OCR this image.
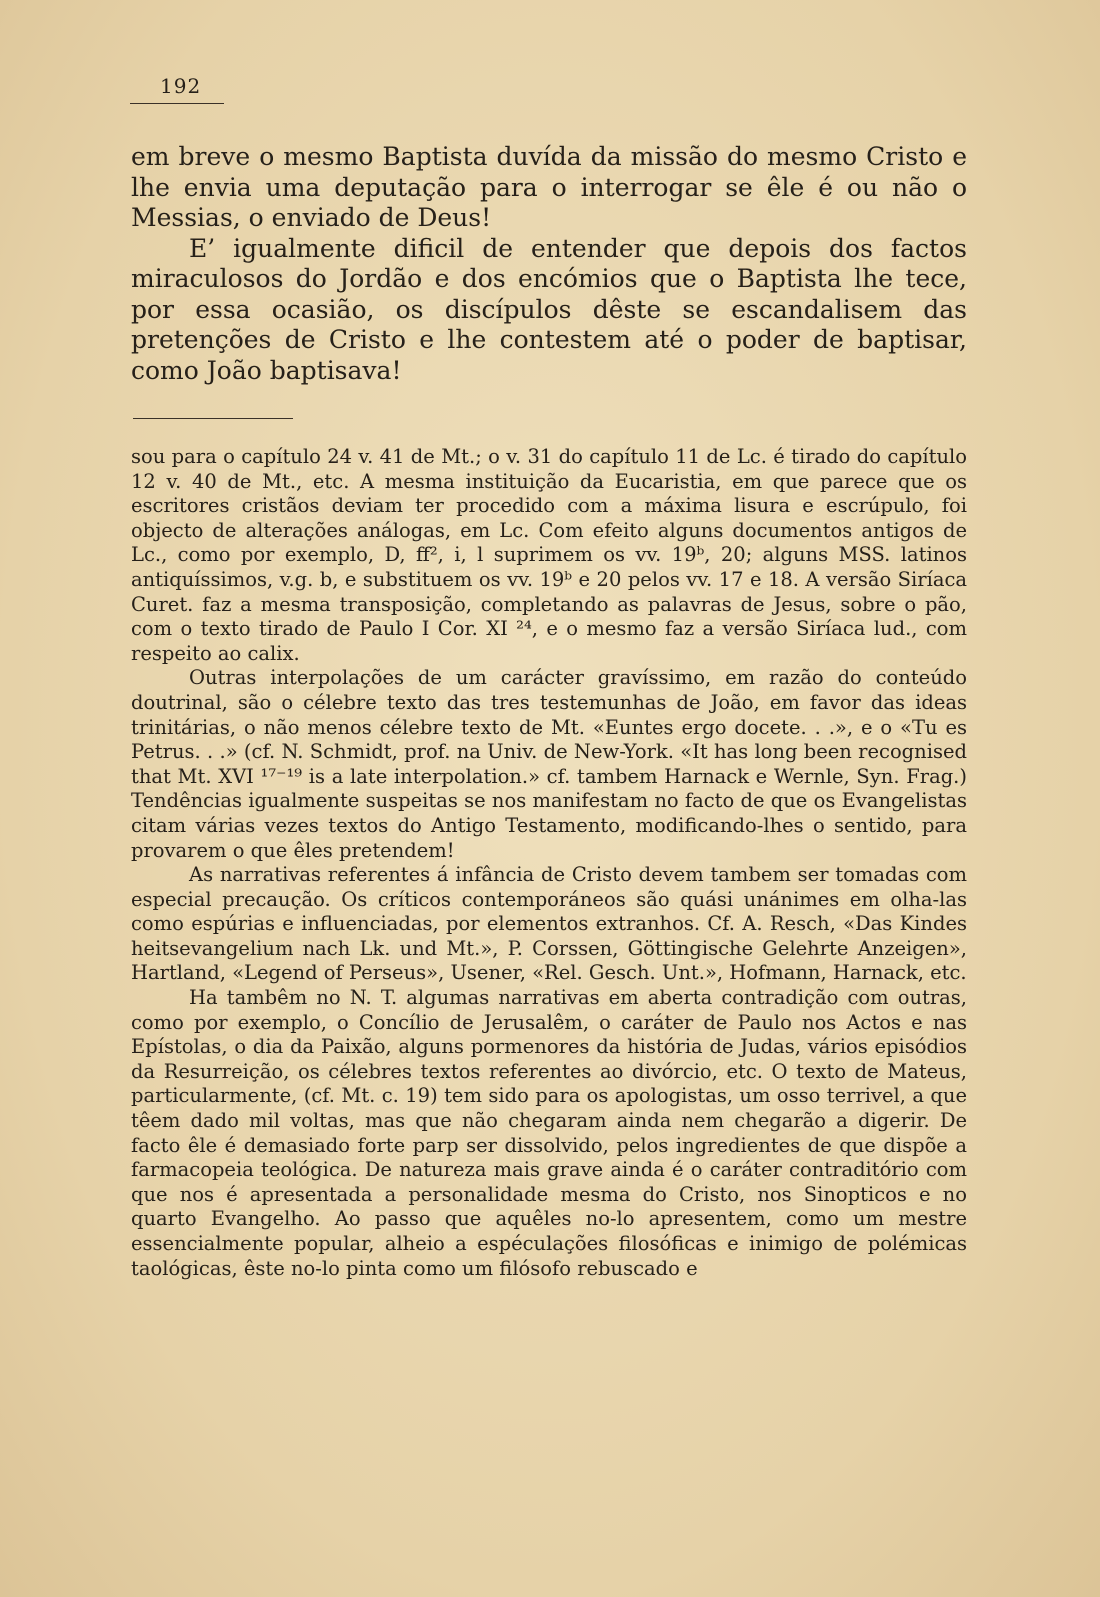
192

em breve o mesmo Baptista duvída da missão do mesmo Cristo e lhe envia uma deputação para o interrogar se êle é ou não o Messias, o enviado de Deus!

E’ igualmente dificil de entender que depois dos factos miraculosos do Jordão e dos encómios que o Baptista lhe tece, por essa ocasião, os discípulos dêste se escandalisem das pretenções de Cristo e lhe contestem até o poder de baptisar, como João baptisava!

sou para o capítulo 24 v. 41 de Mt.; o v. 31 do capítulo 11 de Lc. é tirado do capítulo 12 v. 40 de Mt., etc. A mesma instituição da Eucaristia, em que parece que os escritores cristãos deviam ter procedido com a máxima lisura e escrúpulo, foi objecto de alterações análogas, em Lc. Com efeito alguns documentos antigos de Lc., como por exemplo, D, ff², i, l suprimem os vv. 19ᵇ, 20; alguns MSS. latinos antiquíssimos, v.g. b, e substituem os vv. 19ᵇ e 20 pelos vv. 17 e 18. A versão Siríaca Curet. faz a mesma transposição, completando as palavras de Jesus, sobre o pão, com o texto tirado de Paulo I Cor. XI ²⁴, e o mesmo faz a versão Siríaca lud., com respeito ao calix.

Outras interpolações de um carácter gravíssimo, em razão do conteúdo doutrinal, são o célebre texto das tres testemunhas de João, em favor das ideas trinitárias, o não menos célebre texto de Mt. «Euntes ergo docete. . .», e o «Tu es Petrus. . .» (cf. N. Schmidt, prof. na Univ. de New-York. «It has long been recognised that Mt. XVI ¹⁷⁻¹⁹ is a late interpolation.» cf. tambem Harnack e Wernle, Syn. Frag.) Tendências igualmente suspeitas se nos manifestam no facto de que os Evangelistas citam várias vezes textos do Antigo Testamento, modificando-lhes o sentido, para provarem o que êles pretendem!

As narrativas referentes á infância de Cristo devem tambem ser tomadas com especial precaução. Os críticos contemporáneos são quási unánimes em olha-las como espúrias e influenciadas, por elementos extranhos. Cf. A. Resch, «Das Kindes heitsevangelium nach Lk. und Mt.», P. Corssen, Göttingische Gelehrte Anzeigen», Hartland, «Legend of Perseus», Usener, «Rel. Gesch. Unt.», Hofmann, Harnack, etc.

Ha tambêm no N. T. algumas narrativas em aberta contradição com outras, como por exemplo, o Concílio de Jerusalêm, o caráter de Paulo nos Actos e nas Epístolas, o dia da Paixão, alguns pormenores da história de Judas, vários episódios da Resurreição, os célebres textos referentes ao divórcio, etc. O texto de Mateus, particularmente, (cf. Mt. c. 19) tem sido para os apologistas, um osso terrivel, a que têem dado mil voltas, mas que não chegaram ainda nem chegarão a digerir. De facto êle é demasiado forte parp ser dissolvido, pelos ingredientes de que dispõe a farmacopeia teológica. De natureza mais grave ainda é o caráter contraditório com que nos é apresentada a personalidade mesma do Cristo, nos Sinopticos e no quarto Evangelho. Ao passo que aquêles no-lo apresentem, como um mestre essencialmente popular, alheio a espéculações filosóficas e inimigo de polémicas taológicas, êste no-lo pinta como um filósofo rebuscado e
